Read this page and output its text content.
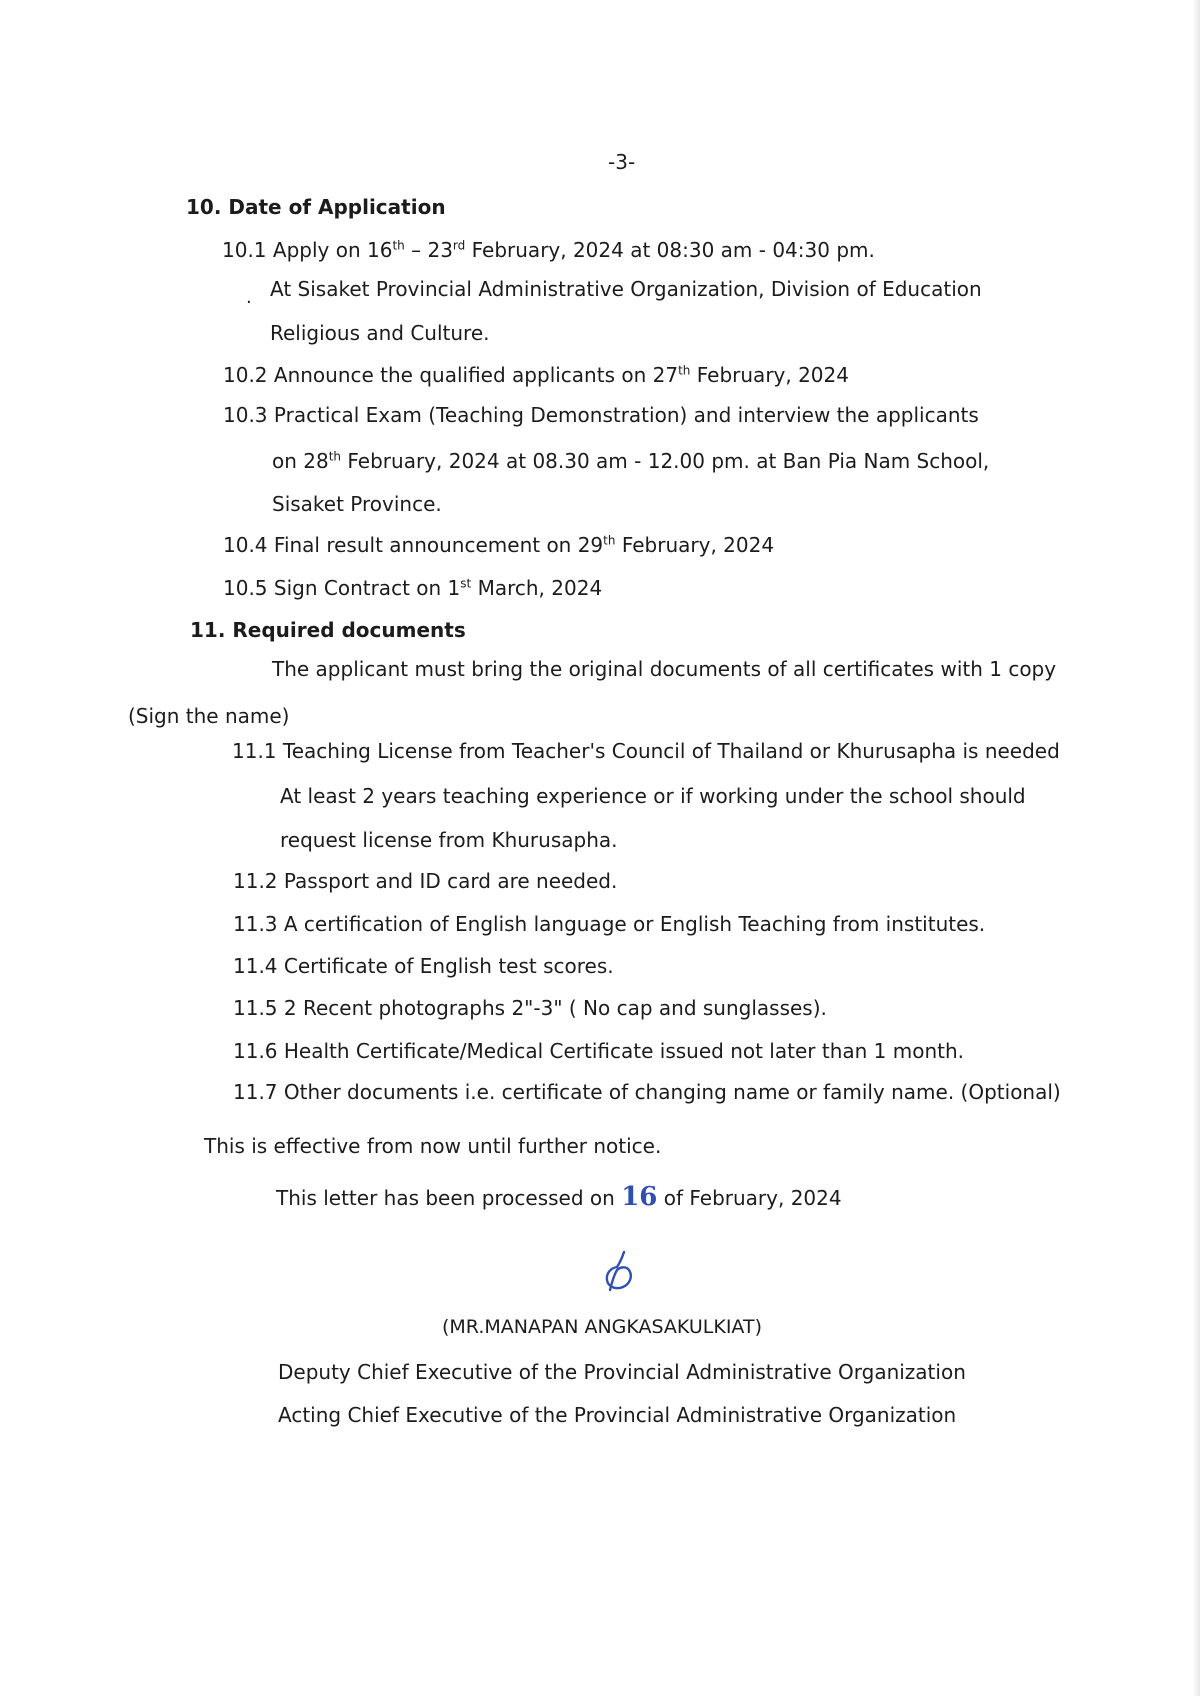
-3-
10. Date of Application
10.1 Apply on 16th – 23rd February, 2024 at 08:30 am - 04:30 pm.
. At Sisaket Provincial Administrative Organization, Division of Education
Religious and Culture.
10.2 Announce the qualified applicants on 27th February, 2024
10.3 Practical Exam (Teaching Demonstration) and interview the applicants
on 28th February, 2024 at 08.30 am - 12.00 pm. at Ban Pia Nam School,
Sisaket Province.
10.4 Final result announcement on 29th February, 2024
10.5 Sign Contract on 1st March, 2024
11. Required documents
The applicant must bring the original documents of all certificates with 1 copy
(Sign the name)
11.1 Teaching License from Teacher's Council of Thailand or Khurusapha is needed
At least 2 years teaching experience or if working under the school should
request license from Khurusapha.
11.2 Passport and ID card are needed.
11.3 A certification of English language or English Teaching from institutes.
11.4 Certificate of English test scores.
11.5 2 Recent photographs 2"-3" ( No cap and sunglasses).
11.6 Health Certificate/Medical Certificate issued not later than 1 month.
11.7 Other documents i.e. certificate of changing name or family name. (Optional)
This is effective from now until further notice.
This letter has been processed on 16 of February, 2024
(MR.MANAPAN ANGKASAKULKIAT)
Deputy Chief Executive of the Provincial Administrative Organization
Acting Chief Executive of the Provincial Administrative Organization
